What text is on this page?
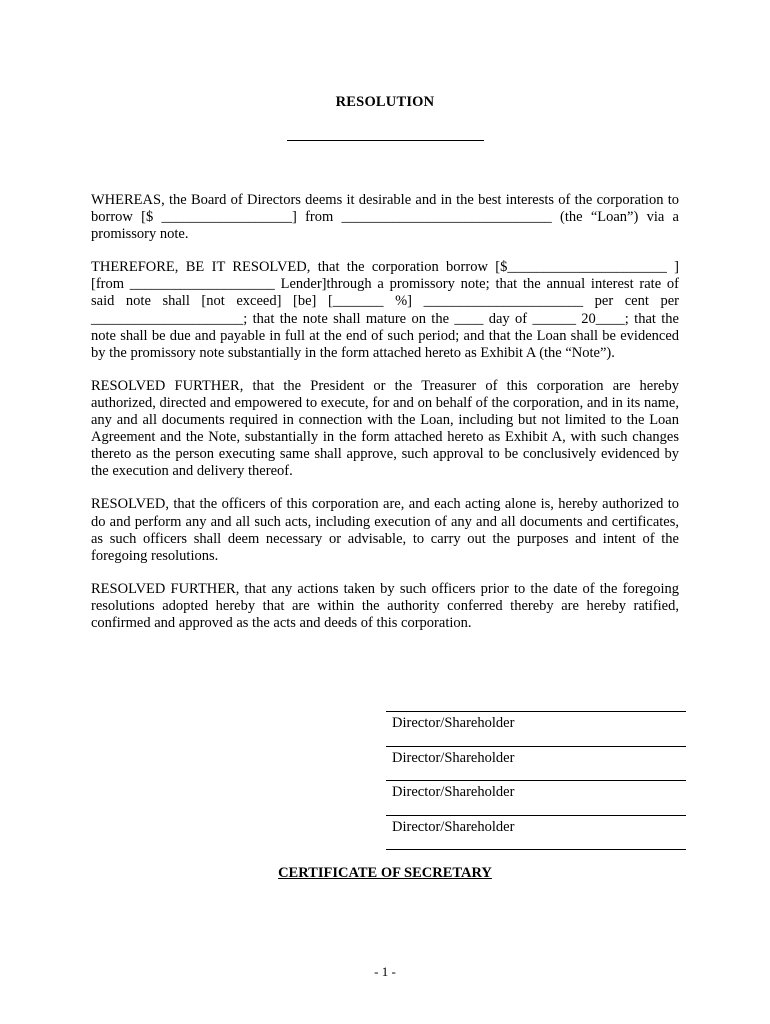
RESOLUTION

WHEREAS, the Board of Directors deems it desirable and in the best interests of the corporation to borrow [$ __________________] from _____________________________ (the “Loan”) via a promissory note.

THEREFORE, BE IT RESOLVED, that the corporation borrow [$______________________ ] [from ____________________ Lender]through a promissory note; that the annual interest rate of said note shall [not exceed] [be] [_______ %] ______________________ per cent per _____________________; that the note shall mature on the ____ day of ______ 20____; that the note shall be due and payable in full at the end of such period; and that the Loan shall be evidenced by the promissory note substantially in the form attached hereto as Exhibit A (the “Note”).

RESOLVED FURTHER, that the President or the Treasurer of this corporation are hereby authorized, directed and empowered to execute, for and on behalf of the corporation, and in its name, any and all documents required in connection with the Loan, including but not limited to the Loan Agreement and the Note, substantially in the form attached hereto as Exhibit A, with such changes thereto as the person executing same shall approve, such approval to be conclusively evidenced by the execution and delivery thereof.

RESOLVED, that the officers of this corporation are, and each acting alone is, hereby authorized to do and perform any and all such acts, including execution of any and all documents and certificates, as such officers shall deem necessary or advisable, to carry out the purposes and intent of the foregoing resolutions.

RESOLVED FURTHER, that any actions taken by such officers prior to the date of the foregoing resolutions adopted hereby that are within the authority conferred thereby are hereby ratified, confirmed and approved as the acts and deeds of this corporation.

Director/Shareholder
Director/Shareholder
Director/Shareholder
Director/Shareholder
CERTIFICATE OF SECRETARY
- 1 -
